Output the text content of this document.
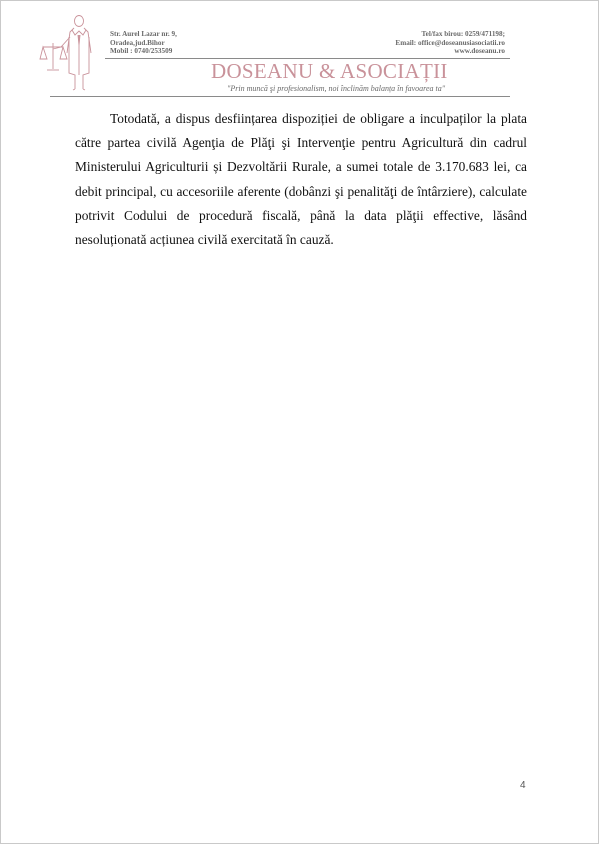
Str. Aurel Lazar nr. 9,
Oradea,jud.Bihor
Mobil : 0740/253509
Tel/fax birou: 0259/471198;
Email: office@doseanusiasociatii.ro
www.doseanu.ro
DOSEANU & ASOCIAȚII
"Prin muncă şi profesionalism, noi înclinăm balanța în favoarea ta"

Totodată, a dispus desființarea dispoziției de obligare a inculpaților la plata către partea civilă Agenţia de Plăţi şi Intervenţie pentru Agricultură din cadrul Ministerului Agriculturii și Dezvoltării Rurale, a sumei totale de 3.170.683 lei, ca debit principal, cu accesoriile aferente (dobânzi şi penalităţi de întârziere), calculate potrivit Codului de procedură fiscală, până la data plăţii effective, lăsând nesoluționată acțiunea civilă exercitată în cauză.

4
